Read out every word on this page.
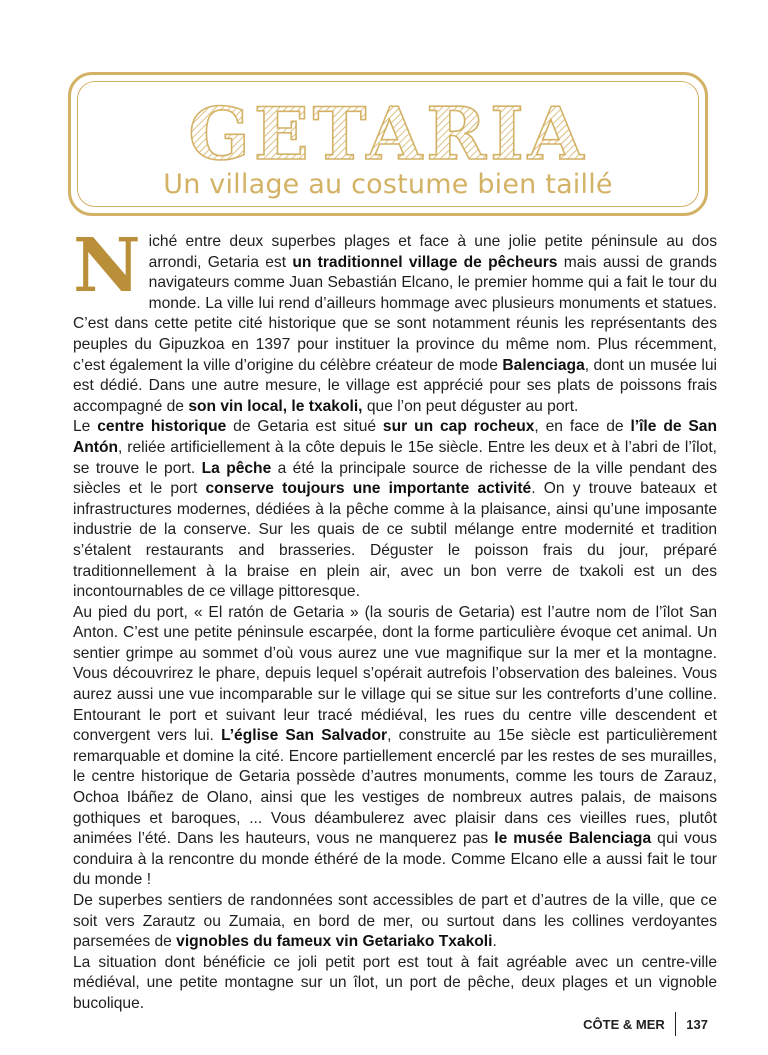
GETARIA
Un village au costume bien taillé
N iché entre deux superbes plages et face à une jolie petite péninsule au dos arrondi, Getaria est un traditionnel village de pêcheurs mais aussi de grands navigateurs comme Juan Sebastián Elcano, le premier homme qui a fait le tour du monde. La ville lui rend d’ailleurs hommage avec plusieurs monuments et statues. C’est dans cette petite cité historique que se sont notamment réunis les représentants des peuples du Gipuzkoa en 1397 pour instituer la province du même nom. Plus récemment, c’est également la ville d’origine du célèbre créateur de mode Balenciaga, dont un musée lui est dédié. Dans une autre mesure, le village est apprécié pour ses plats de poissons frais accompagné de son vin local, le txakoli, que l’on peut déguster au port.

Le centre historique de Getaria est situé sur un cap rocheux, en face de l’île de San Antón, reliée artificiellement à la côte depuis le 15e siècle. Entre les deux et à l’abri de l’îlot, se trouve le port. La pêche a été la principale source de richesse de la ville pendant des siècles et le port conserve toujours une importante activité. On y trouve bateaux et infrastructures modernes, dédiées à la pêche comme à la plaisance, ainsi qu’une imposante industrie de la conserve. Sur les quais de ce subtil mélange entre modernité et tradition s’étalent restaurants and brasseries. Déguster le poisson frais du jour, préparé traditionnellement à la braise en plein air, avec un bon verre de txakoli est un des incontournables de ce village pittoresque.

Au pied du port, « El ratón de Getaria » (la souris de Getaria) est l’autre nom de l’îlot San Anton. C’est une petite péninsule escarpée, dont la forme particulière évoque cet animal. Un sentier grimpe au sommet d’où vous aurez une vue magnifique sur la mer et la montagne. Vous découvrirez le phare, depuis lequel s’opérait autrefois l’observation des baleines. Vous aurez aussi une vue incomparable sur le village qui se situe sur les contreforts d’une colline. Entourant le port et suivant leur tracé médiéval, les rues du centre ville descendent et convergent vers lui. L’église San Salvador, construite au 15e siècle est particulièrement remarquable et domine la cité. Encore partiellement encerclé par les restes de ses murailles, le centre historique de Getaria possède d’autres monuments, comme les tours de Zarauz, Ochoa Ibáñez de Olano, ainsi que les vestiges de nombreux autres palais, de maisons gothiques et baroques, ... Vous déambulerez avec plaisir dans ces vieilles rues, plutôt animées l’été. Dans les hauteurs, vous ne manquerez pas le musée Balenciaga qui vous conduira à la rencontre du monde éthéré de la mode. Comme Elcano elle a aussi fait le tour du monde !

De superbes sentiers de randonnées sont accessibles de part et d’autres de la ville, que ce soit vers Zarautz ou Zumaia, en bord de mer, ou surtout dans les collines verdoyantes parsemées de vignobles du fameux vin Getariako Txakoli.

La situation dont bénéficie ce joli petit port est tout à fait agréable avec un centre-ville médiéval, une petite montagne sur un îlot, un port de pêche, deux plages et un vignoble bucolique.

CÔTE & MER 137
